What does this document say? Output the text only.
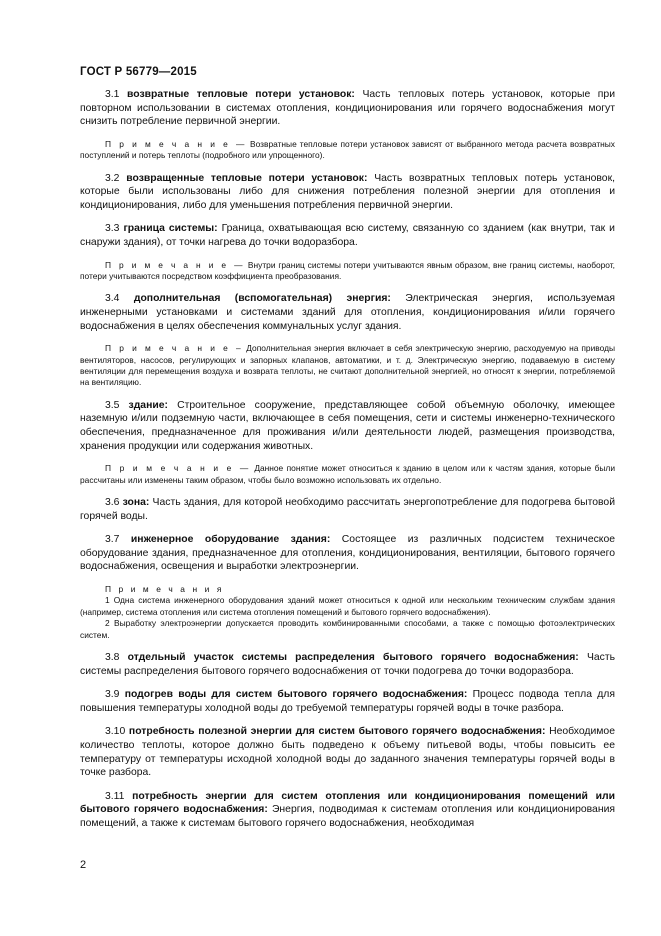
ГОСТ Р 56779—2015

3.1 возвратные тепловые потери установок: Часть тепловых потерь установок, которые при повторном использовании в системах отопления, кондиционирования или горячего водоснабжения могут снизить потребление первичной энергии.

П р и м е ч а н и е — Возвратные тепловые потери установок зависят от выбранного метода расчета возвратных поступлений и потерь теплоты (подробного или упрощенного).

3.2 возвращенные тепловые потери установок: Часть возвратных тепловых потерь установок, которые были использованы либо для снижения потребления полезной энергии для отопления и кондиционирования, либо для уменьшения потребления первичной энергии.

3.3 граница системы: Граница, охватывающая всю систему, связанную со зданием (как внутри, так и снаружи здания), от точки нагрева до точки водоразбора.

П р и м е ч а н и е — Внутри границ системы потери учитываются явным образом, вне границ системы, наоборот, потери учитываются посредством коэффициента преобразования.

3.4 дополнительная (вспомогательная) энергия: Электрическая энергия, используемая инженерными установками и системами зданий для отопления, кондиционирования и/или горячего водоснабжения в целях обеспечения коммунальных услуг здания.

П р и м е ч а н и е – Дополнительная энергия включает в себя электрическую энергию, расходуемую на приводы вентиляторов, насосов, регулирующих и запорных клапанов, автоматики, и т. д. Электрическую энергию, подаваемую в систему вентиляции для перемещения воздуха и возврата теплоты, не считают дополнительной энергией, но относят к энергии, потребляемой на вентиляцию.

3.5 здание: Строительное сооружение, представляющее собой объемную оболочку, имеющее наземную и/или подземную части, включающее в себя помещения, сети и системы инженерно-технического обеспечения, предназначенное для проживания и/или деятельности людей, размещения производства, хранения продукции или содержания животных.

П р и м е ч а н и е — Данное понятие может относиться к зданию в целом или к частям здания, которые были рассчитаны или изменены таким образом, чтобы было возможно использовать их отдельно.

3.6 зона: Часть здания, для которой необходимо рассчитать энергопотребление для подогрева бытовой горячей воды.

3.7 инженерное оборудование здания: Состоящее из различных подсистем техническое оборудование здания, предназначенное для отопления, кондиционирования, вентиляции, бытового горячего водоснабжения, освещения и выработки электроэнергии.

П р и м е ч а н и я

1 Одна система инженерного оборудования зданий может относиться к одной или нескольким техническим службам здания (например, система отопления или система отопления помещений и бытового горячего водоснабжения).

2 Выработку электроэнергии допускается проводить комбинированными способами, а также с помощью фотоэлектрических систем.

3.8 отдельный участок системы распределения бытового горячего водоснабжения: Часть системы распределения бытового горячего водоснабжения от точки подогрева до точки водоразбора.

3.9 подогрев воды для систем бытового горячего водоснабжения: Процесс подвода тепла для повышения температуры холодной воды до требуемой температуры горячей воды в точке разбора.

3.10 потребность полезной энергии для систем бытового горячего водоснабжения: Необходимое количество теплоты, которое должно быть подведено к объему питьевой воды, чтобы повысить ее температуру от температуры исходной холодной воды до заданного значения температуры горячей воды в точке разбора.

3.11 потребность энергии для систем отопления или кондиционирования помещений или бытового горячего водоснабжения: Энергия, подводимая к системам отопления или кондиционирования помещений, а также к системам бытового горячего водоснабжения, необходимая

2
